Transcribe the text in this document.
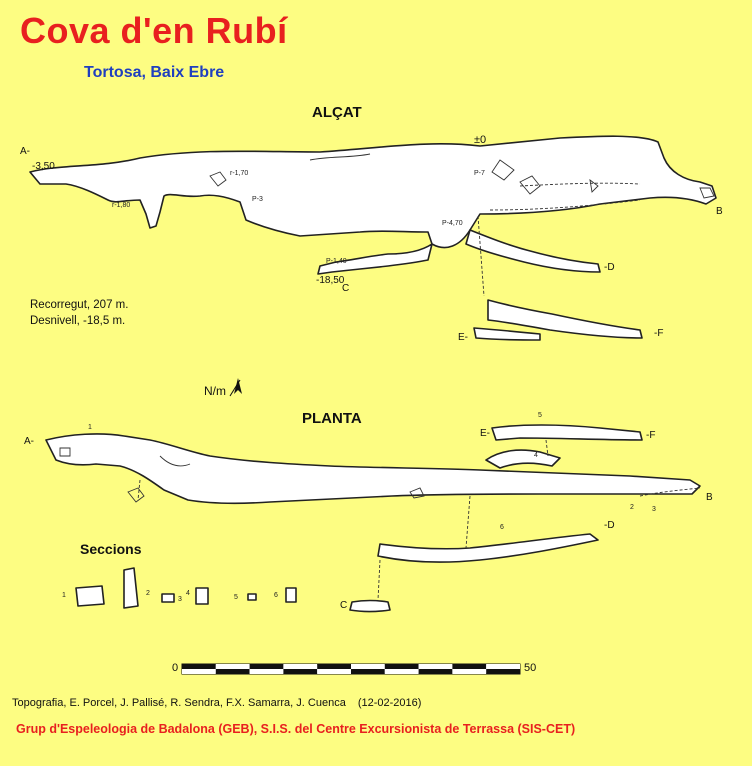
Cova d'en Rubí
Tortosa, Baix Ebre
ALÇAT
PLANTA
Seccions
Recorregut, 207 m.
Desnivell, -18,5 m.
N/m
A-
-3,50
±0
B
C
-18,50
-D
E-	-F
r-1,80
r-1,70
P-3
P-7
P-4,70
P-1,40
A-
B
C
-D
E-	-F
1
2	3
4
5
6
1	2
3
4
5	6
0	50
Topografia, E. Porcel, J. Pallisé, R. Sendra, F.X. Samarra, J. Cuenca (12-02-2016)
Grup d'Espeleologia de Badalona (GEB), S.I.S. del Centre Excursionista de Terrassa (SIS-CET)
